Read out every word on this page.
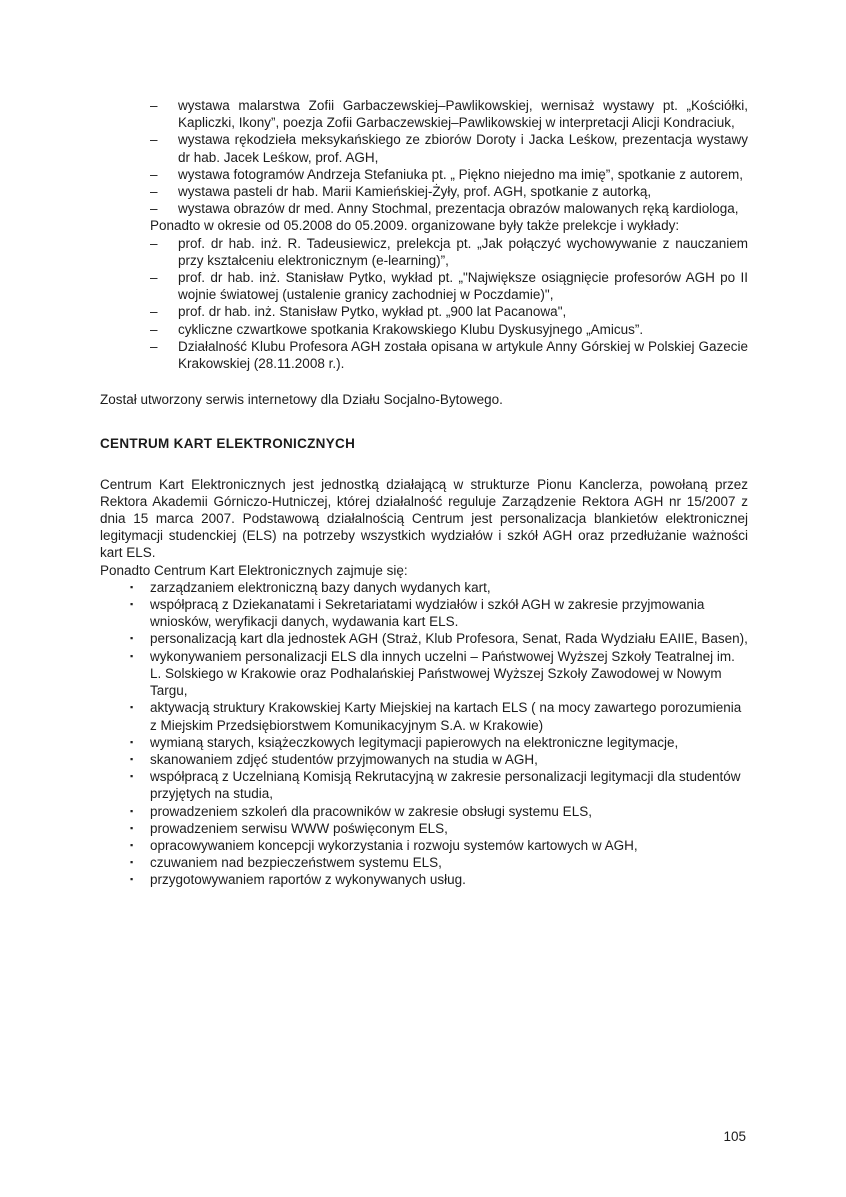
– wystawa malarstwa Zofii Garbaczewskiej–Pawlikowskiej, wernisaż wystawy pt. „Kościółki, Kapliczki, Ikony”, poezja Zofii Garbaczewskiej–Pawlikowskiej w interpretacji Alicji Kondraciuk,
– wystawa rękodzieła meksykańskiego ze zbiorów Doroty i Jacka Leśkow, prezentacja wystawy dr hab. Jacek Leśkow, prof. AGH,
– wystawa fotogramów Andrzeja Stefaniuka pt. „ Piękno niejedno ma imię”, spotkanie z autorem,
– wystawa pasteli dr hab. Marii Kamieńskiej-Żyły, prof. AGH, spotkanie z autorką,
– wystawa obrazów dr med. Anny Stochmal, prezentacja obrazów malowanych ręką kardiologa,
Ponadto w okresie od 05.2008 do 05.2009. organizowane były także prelekcje i wykłady:
– prof. dr hab. inż. R. Tadeusiewicz, prelekcja pt. „Jak połączyć wychowywanie z nauczaniem przy kształceniu elektronicznym (e-learning)”,
– prof. dr hab. inż. Stanisław Pytko, wykład pt. „"Największe osiągnięcie profesorów AGH po II wojnie światowej (ustalenie granicy zachodniej w Poczdamie)",
– prof. dr hab. inż. Stanisław Pytko, wykład pt. „900 lat Pacanowa",
– cykliczne czwartkowe spotkania Krakowskiego Klubu Dyskusyjnego „Amicus”.
– Działalność Klubu Profesora AGH została opisana w artykule Anny Górskiej w Polskiej Gazecie Krakowskiej (28.11.2008 r.).
Został utworzony serwis internetowy dla Działu Socjalno-Bytowego.
CENTRUM KART ELEKTRONICZNYCH
Centrum Kart Elektronicznych jest jednostką działającą w strukturze Pionu Kanclerza, powołaną przez Rektora Akademii Górniczo-Hutniczej, której działalność reguluje Zarządzenie Rektora AGH nr 15/2007 z dnia 15 marca 2007. Podstawową działalnością Centrum jest personalizacja blankietów elektronicznej legitymacji studenckiej (ELS) na potrzeby wszystkich wydziałów i szkół AGH oraz przedłużanie ważności kart ELS.
Ponadto Centrum Kart Elektronicznych zajmuje się:
▪ zarządzaniem elektroniczną bazy danych wydanych kart,
▪ współpracą z Dziekanatami i Sekretariatami wydziałów i szkół AGH w zakresie przyjmowania wniosków, weryfikacji danych, wydawania kart ELS.
▪ personalizacją kart dla jednostek AGH (Straż, Klub Profesora, Senat, Rada Wydziału EAIIE, Basen),
▪ wykonywaniem personalizacji ELS dla innych uczelni – Państwowej Wyższej Szkoły Teatralnej im. L. Solskiego w Krakowie oraz Podhalańskiej Państwowej Wyższej Szkoły Zawodowej w Nowym Targu,
▪ aktywacją struktury Krakowskiej Karty Miejskiej na kartach ELS ( na mocy zawartego porozumienia z Miejskim Przedsiębiorstwem Komunikacyjnym S.A. w Krakowie)
▪ wymianą starych, książeczkowych legitymacji papierowych na elektroniczne legitymacje,
▪ skanowaniem zdjęć studentów przyjmowanych na studia w AGH,
▪ współpracą z Uczelnianą Komisją Rekrutacyjną w zakresie personalizacji legitymacji dla studentów przyjętych na studia,
▪ prowadzeniem szkoleń dla pracowników w zakresie obsługi systemu ELS,
▪ prowadzeniem serwisu WWW poświęconym ELS,
▪ opracowywaniem koncepcji wykorzystania i rozwoju systemów kartowych w AGH,
▪ czuwaniem nad bezpieczeństwem systemu ELS,
▪ przygotowywaniem raportów z wykonywanych usług.
105
